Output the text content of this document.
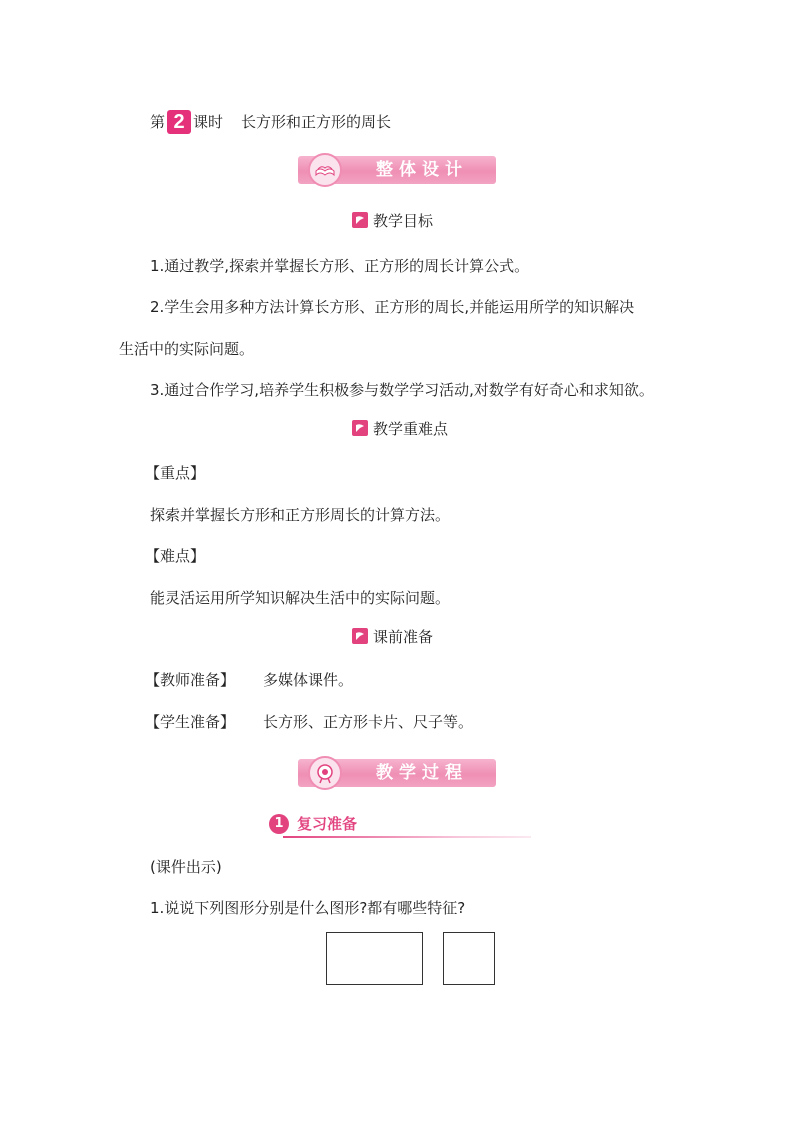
第 2 课时 长方形和正方形的周长
整体设计
教学目标
1.通过教学,探索并掌握长方形、正方形的周长计算公式。
2.学生会用多种方法计算长方形、正方形的周长,并能运用所学的知识解决
生活中的实际问题。
3.通过合作学习,培养学生积极参与数学学习活动,对数学有好奇心和求知欲。
教学重难点
【重点】
探索并掌握长方形和正方形周长的计算方法。
【难点】
能灵活运用所学知识解决生活中的实际问题。
课前准备
【教师准备】 多媒体课件。
【学生准备】 长方形、正方形卡片、尺子等。
教学过程
1 复习准备
(课件出示)
1.说说下列图形分别是什么图形?都有哪些特征?
